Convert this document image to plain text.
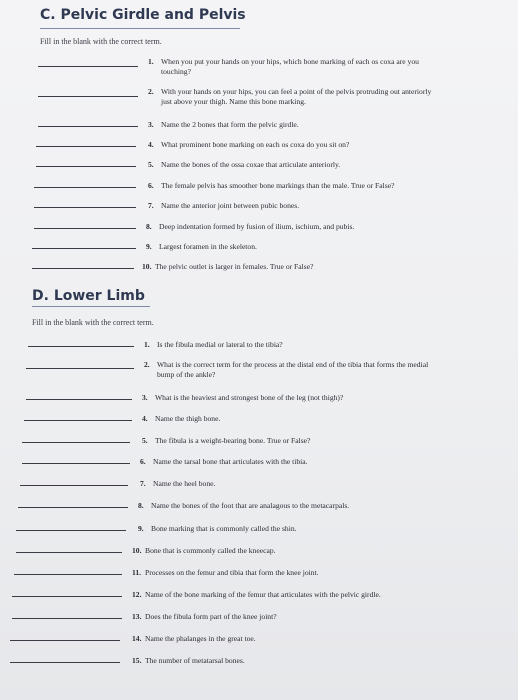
C. Pelvic Girdle and Pelvis
Fill in the blank with the correct term.
1. When you put your hands on your hips, which bone marking of each os coxa are you
touching?
2. With your hands on your hips, you can feel a point of the pelvis protruding out anteriorly
just above your thigh. Name this bone marking.
3. Name the 2 bones that form the pelvic girdle.
4. What prominent bone marking on each os coxa do you sit on?
5. Name the bones of the ossa coxae that articulate anteriorly.
6. The female pelvis has smoother bone markings than the male. True or False?
7. Name the anterior joint between pubic bones.
8. Deep indentation formed by fusion of ilium, ischium, and pubis.
9. Largest foramen in the skeleton.
10. The pelvic outlet is larger in females. True or False?
D. Lower Limb
Fill in the blank with the correct term.
1. Is the fibula medial or lateral to the tibia?
2. What is the correct term for the process at the distal end of the tibia that forms the medial
bump of the ankle?
3. What is the heaviest and strongest bone of the leg (not thigh)?
4. Name the thigh bone.
5. The fibula is a weight-bearing bone. True or False?
6. Name the tarsal bone that articulates with the tibia.
7. Name the heel bone.
8. Name the bones of the foot that are analagous to the metacarpals.
9. Bone marking that is commonly called the shin.
10. Bone that is commonly called the kneecap.
11. Processes on the femur and tibia that form the knee joint.
12. Name of the bone marking of the femur that articulates with the pelvic girdle.
13. Does the fibula form part of the knee joint?
14. Name the phalanges in the great toe.
15. The number of metatarsal bones.
